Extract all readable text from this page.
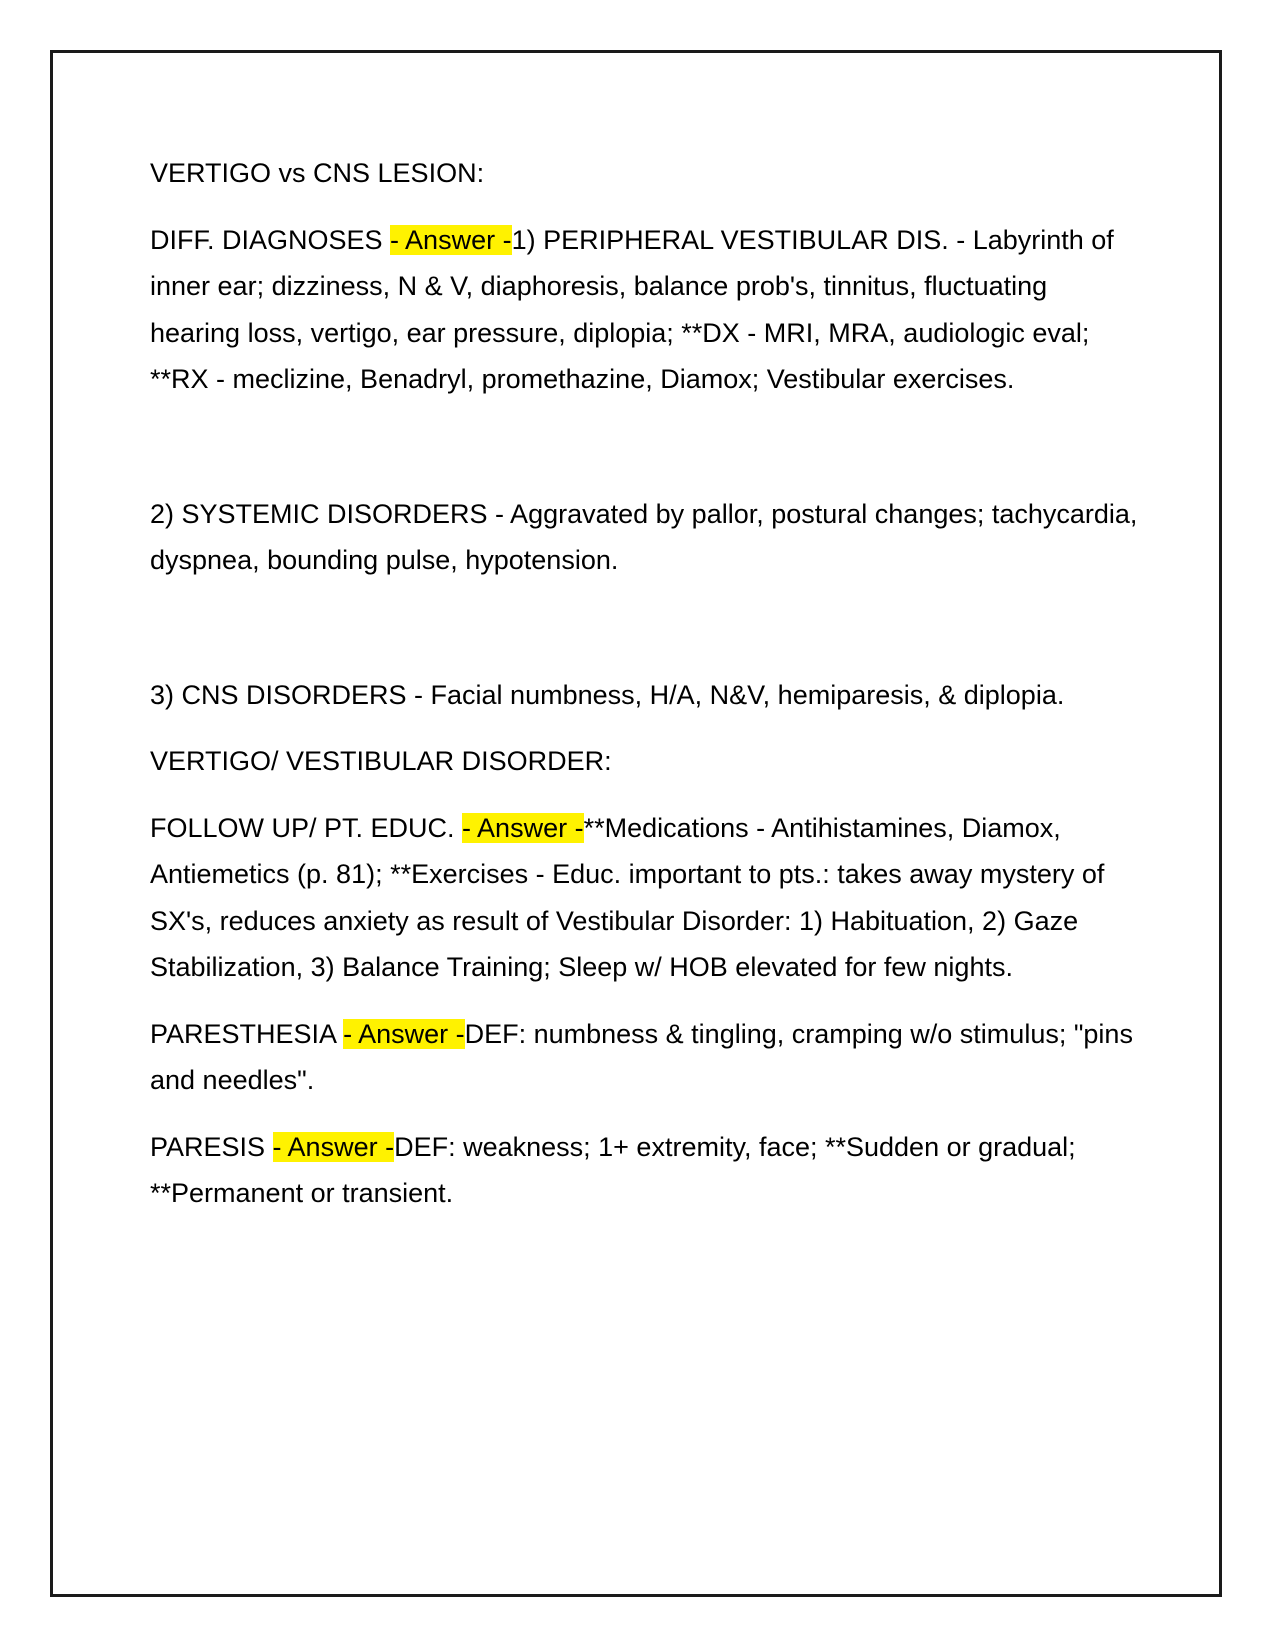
VERTIGO vs CNS LESION:

DIFF. DIAGNOSES - Answer -1) PERIPHERAL VESTIBULAR DIS. - Labyrinth of inner ear; dizziness, N & V, diaphoresis, balance prob's, tinnitus, fluctuating hearing loss, vertigo, ear pressure, diplopia; **DX - MRI, MRA, audiologic eval; **RX - meclizine, Benadryl, promethazine, Diamox; Vestibular exercises.

2) SYSTEMIC DISORDERS - Aggravated by pallor, postural changes; tachycardia, dyspnea, bounding pulse, hypotension.

3) CNS DISORDERS - Facial numbness, H/A, N&V, hemiparesis, & diplopia.

VERTIGO/ VESTIBULAR DISORDER:

FOLLOW UP/ PT. EDUC. - Answer -**Medications - Antihistamines, Diamox, Antiemetics (p. 81); **Exercises - Educ. important to pts.: takes away mystery of SX's, reduces anxiety as result of Vestibular Disorder: 1) Habituation, 2) Gaze Stabilization, 3) Balance Training; Sleep w/ HOB elevated for few nights.

PARESTHESIA - Answer -DEF: numbness & tingling, cramping w/o stimulus; "pins and needles".

PARESIS - Answer -DEF: weakness; 1+ extremity, face; **Sudden or gradual; **Permanent or transient.
